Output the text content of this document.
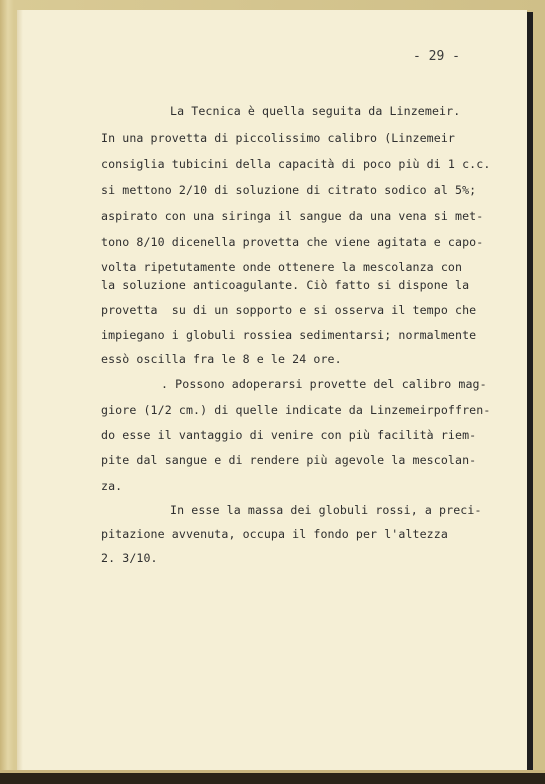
- 29 -
La Tecnica è quella seguita da Linzemeir.
In una provetta di piccolissimo calibro (Linzemeir
consiglia tubicini della capacità di poco più di 1 c.c.
si mettono 2/10 di soluzione di citrato sodico al 5%;
aspirato con una siringa il sangue da una vena si met-
tono 8/10 dicenella provetta che viene agitata e capo-
volta ripetutamente onde ottenere la mescolanza con
la soluzione anticoagulante. Ciò fatto si dispone la
provetta  su di un sopporto e si osserva il tempo che
impiegano i globuli rossiea sedimentarsi; normalmente
essò oscilla fra le 8 e le 24 ore.
. Possono adoperarsi provette del calibro mag-
giore (1/2 cm.) di quelle indicate da Linzemeirpoffren-
do esse il vantaggio di venire con più facilità riem-
pite dal sangue e di rendere più agevole la mescolan-
za.
In esse la massa dei globuli rossi, a preci-
pitazione avvenuta, occupa il fondo per l'altezza
2. 3/10.
